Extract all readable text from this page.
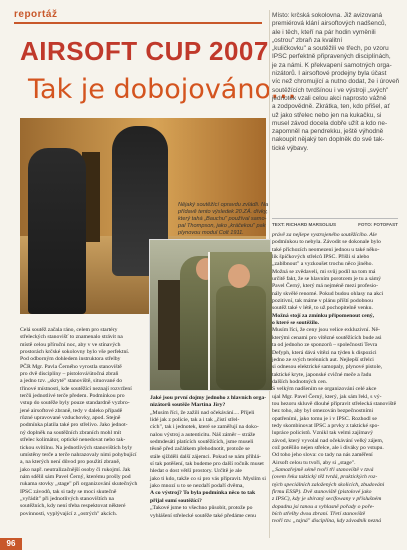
reportáž
AIRSOFT CUP 2007
Tak je dobojováno...
Místo: krčská sokolovna. Již avizovaná
premiérová klání airsoftových nadšenců,
ale i těch, kteří na pár hodin vyměnili
„ostrou" zbraň za kvalitní
„kuličkovku" a soutěžili ve třech, po vzoru
IPSC perfektně připravených disciplínách,
je za námi. K překvapení samotných orga-
nizátorů. I airsoftové prodejny byla účast
víc než chromující a nutno dodat, že i úroveň
soutěžících tvrdšínou i ve výstroji „svých"
jednotek vzali celou akci naprosto vážně
a zodpovědně. Zkrátka, ten, kdo přišel, ať
už jako střelec nebo jen na kukačku, si
musel závod docela dobře užít a kdo ne-
zapomněl na pendrekku, ještě výhodně
nakoupit nějaký ten doplněk do své tak-
tické výbavy.
TEXT: RICHARD MARSOLIUS	FOTO: FOTOFAST
Nějaký soutěžící opravdu zvládli. Na
přídavě tento výsledek 20.ZÁ. dívky,
který tahá „Bauchu" používal samo-
pal Thompson, jako „kráčekou" pak
plynovou modul Colt 1911.
Celá soutěž začala ráno, celem pro startéry
střeleckých stanovišť to znamenalo strávit na
místě celou příruční noc, aby v ve stínavých
prostorách krčské sokolovny bylo vše perfektní.
Pod odborným dohledem instruktora střelby
PČR Mgr. Pavla Černého vyrostla stanoviště
pro dvě disciplíny – pistolová/útočná zbraň
a jedno tzv. „skryté" stanoviště, situované do
třinové místnosti, kde soutěžící neznají rozvržení
terčů jednotlivé terče předem. Podmínkou pro
vstup do soutěže byly pouze standardně vyzbro-
jené airsoftové zbraně, tedy v daleko případě
různé upravované vzduchovky, apod. Stejně
podmínka platila také pro střelivo. Jako jednot-
ný doplněk na soutěžních zbraních mohl mít
střelec kolimátor, optické nenedovat nebo tak-
tickou svítilnu. Na jednotlivých stanovištích byly
umístěny terče a terče nahrazovaly nimi pohybující
a, na kterých není důvod pro použití zbraně,
jako např. neutralizačnější osoby či rukojmí. Jak
nám sdělil sám Pavel Černý, kterému prošly pod
rukama stovky „stage" při organizování skutečných
IPSC závodů, tak si tady se moci skutečně
„vyřádit" při jednotlivých stanovištích na
soutěžních, kdy není třeba respektovat některé
povinnosti, vyplývající z „ostrých" akcích.
Jaké jsou první dojmy jednoho z hlavních orga-
nizátorů soutěže Martina Jíry?
„Musím říci, že zažili nad očekávání.... Přijeli
lidé jak z policie, tak a i tak „čistí střel-
cích", tak i jednotek, které se zaměřují na doko-
nalou výstroj a autenticitu. Náš záměr – stráže
sedmdesáti platících soutěžících, jsme museli
těsně před začátkem přehodnotit, protože se
stále sjížděli další zájemci. Pokud se nám přihlá-
sí tak potěšení, tak budeme pro další ročník muset
hledat o dost větší prostory. Určitě je ale
jako ti kdo, takže co si pro vás připravit. Myslím si
jako mnozí u to se nezdaří podaří dvěma,
A co výstroj? To byla podmínka něco to tak
přijal sumí soutěžící?
„Takové jsme to všechno působit, protože po
vyhlášení střelecké soutěže také předáme cenu
právě za nejlepe vystrojeného soutěžícího. Ale
podmínkou to nebyla. Závodit se dokonale bylo
také příchozích neomezeni jednou u také něko-
lik špičkových střelců IPSC. Přišli si alebo
„zablbnout" a vyzkoušet trochu něco jiného.
Možná se zvědaveli, mi svůj podíl na tom má
určitě fakt, že se hlavním porotcem je tu a sámý
Pavel Černý, který má nejméně mezi profesio-
nály skvělé renomé. Pokud budou ohlasy na akci
pozitivní, tak máme v plánu příští podobnou
soutěž také v létě, to už pochopitelně venku.
Možná stojí za zmínku připomenout cený,
o které se soutěžilo.
Musím říci, že ceny jsou velice exkluzivní. Ně-
kterými cenami pro vítězné soutěžících bude asi
ta od jednoho ze sponzorů – společnosti Tevra
Defyph, která dává vítězi na týden k dispozici
jedno ze svých terénních aut. Nejlepší střelci
si odnesou elektrické samopaly, plynové pistole,
taktické kryte, japonské cvičné meče a řadu
dalších hodnotných cen.
S velkým nadšením se organizování celé akce
ujal Mgr. Pavel Černý, který, jak sám řekl, s vý-
tou hezoru skluvě dlouhé připravit střelecká stanoviště
bez toho, aby byl omezován bezpečnostními
opatřeními, jako tomu je i v IPSC. Rozhodl se
tedy skombinovat IPSC a prvky z taktické spo-
lupráce policistů. Vznikl tak velmi zajímavý
závod, který vyvolal nad očekávání velký zájem,
což potěšilo nejen střelce, ale i diváky po vstupu.
Od toho jeho slova: co tady na nás zaměření
Airsoft celou tu tvoři, aby si „stage".
„Samozřejmě sémě tvoří tři stanoviště v tzvá
(ovem řeka taktický těž tvrdá, praktických roz-
ných speciálních založených skolicích, zbudováni
firmu ESSP). Dvě stanoviště (pistolové jako
z IPSC), kdy je sbíraný secifowany v příslušném
dopadnu jsi tanou a vyhlasně pořady o poře-
bích střelby dvou zbraní. Třetí stanoviště
tvoří tzv. „tajná" disciplína, kdy závodník nezná
96
